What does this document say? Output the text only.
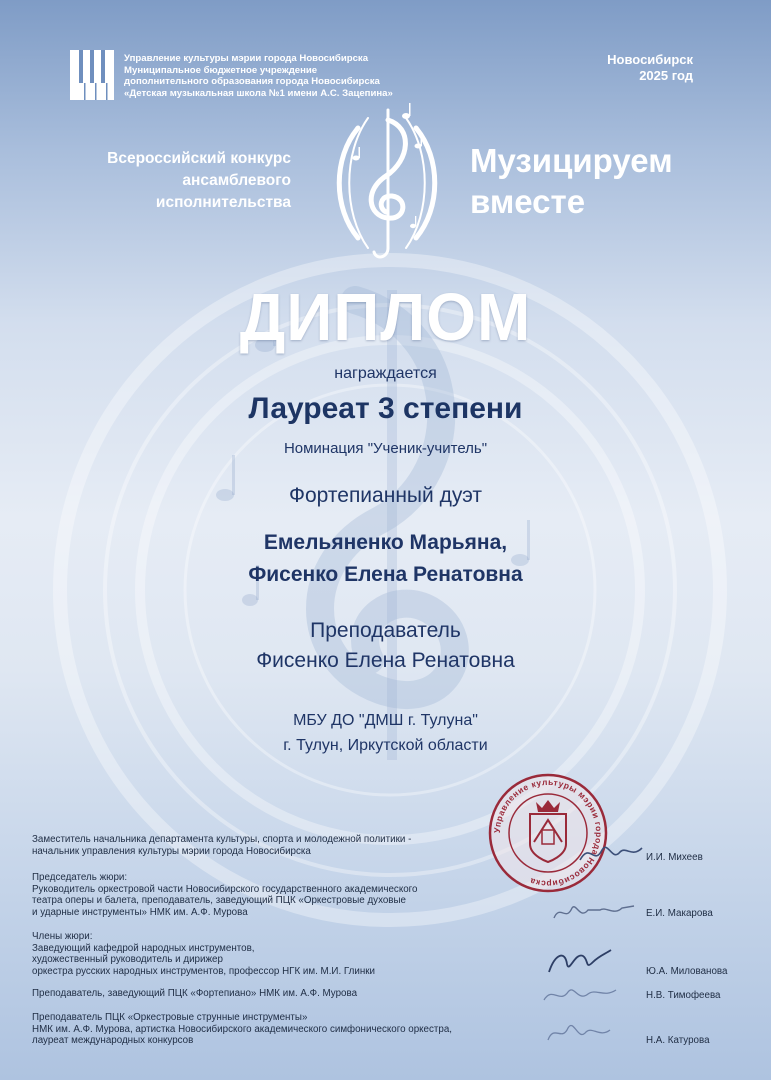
Управление культуры мэрии города Новосибирска
Муниципальное бюджетное учреждение
дополнительного образования города Новосибирска
«Детская музыкальная школа №1 имени А.С. Зацепина»
Новосибирск
2025 год
Всероссийский конкурс
ансамблевого
исполнительства
Музицируем
вместе
ДИПЛОМ
награждается
Лауреат 3 степени
Номинация "Ученик-учитель"
Фортепианный дуэт
Емельяненко Марьяна,
Фисенко Елена Ренатовна
Преподаватель
Фисенко Елена Ренатовна
МБУ ДО "ДМШ г. Тулуна"
г. Тулун, Иркутской области
Управление культуры мэрии города Новосибирска
Заместитель начальника департамента культуры, спорта и молодежной политики -
начальник управления культуры мэрии города Новосибирска
И.И. Михеев
Председатель жюри:
Руководитель оркестровой части Новосибирского государственного академического
театра оперы и балета, преподаватель, заведующий ПЦК «Оркестровые духовые
и ударные инструменты» НМК им. А.Ф. Мурова	Е.И. Макарова
Члены жюри:
Заведующий кафедрой народных инструментов,
художественный руководитель и дирижер
оркестра русских народных инструментов, профессор НГК им. М.И. Глинки	Ю.А. Милованова
Преподаватель, заведующий ПЦК «Фортепиано» НМК им. А.Ф. Мурова	Н.В. Тимофеева
Преподаватель ПЦК «Оркестровые струнные инструменты»
НМК им. А.Ф. Мурова, артистка Новосибирского академического симфонического оркестра,
лауреат международных конкурсов	Н.А. Катурова
